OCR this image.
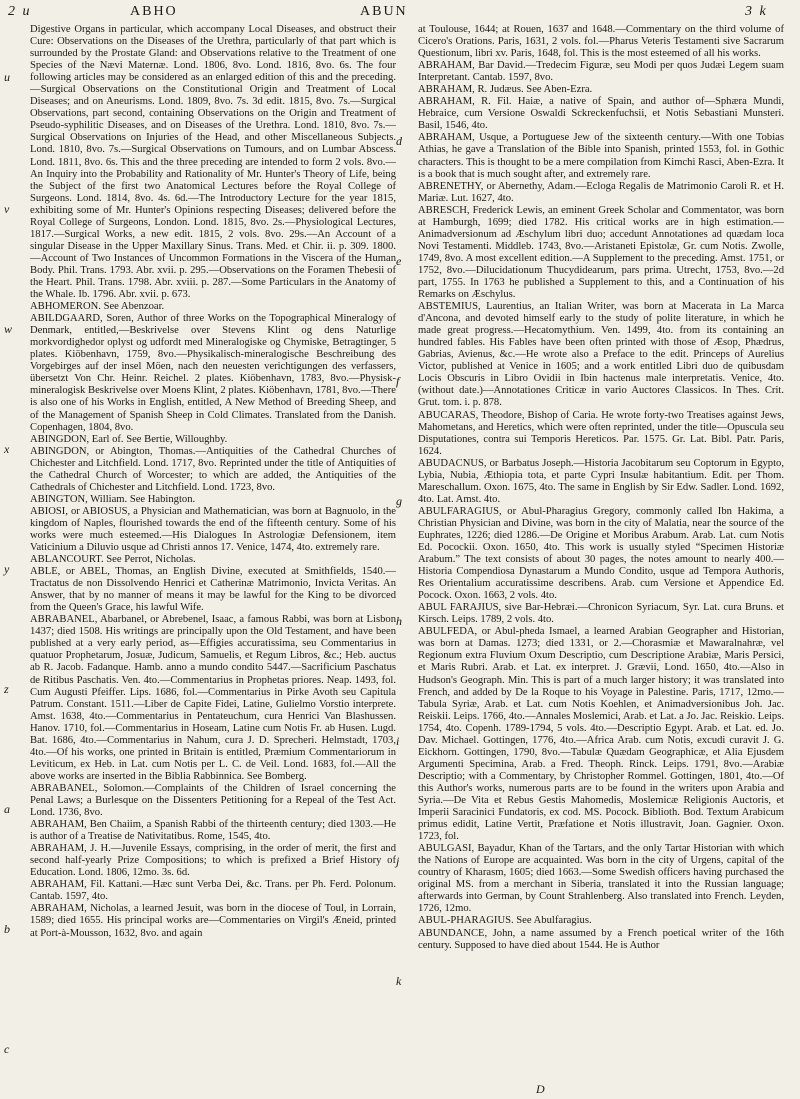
2 u	ABHO	ABUN	3 k
u
v
w
x
y
z
a
b
c
d
e
f
g
h
i
j
k

Digestive Organs in particular, which accompany Local Diseases, and obstruct their Cure: Observations on the Diseases of the Urethra, particularly of that part which is surrounded by the Prostate Gland: and Observations relative to the Treatment of one Species of the Nævi Maternæ. Lond. 1806, 8vo. Lond. 1816, 8vo. 6s. The four following articles may be considered as an enlarged edition of this and the preceding.—Surgical Observations on the Constitutional Origin and Treatment of Local Diseases; and on Aneurisms. Lond. 1809, 8vo. 7s. 3d edit. 1815, 8vo. 7s.—Surgical Observations, part second, containing Observations on the Origin and Treatment of Pseudo-syphilitic Diseases, and on Diseases of the Urethra. Lond. 1810, 8vo. 7s.—Surgical Observations on Injuries of the Head, and other Miscellaneous Subjects. Lond. 1810, 8vo. 7s.—Surgical Observations on Tumours, and on Lumbar Abscess. Lond. 1811, 8vo. 6s. This and the three preceding are intended to form 2 vols. 8vo.—An Inquiry into the Probability and Rationality of Mr. Hunter's Theory of Life, being the Subject of the first two Anatomical Lectures before the Royal College of Surgeons. Lond. 1814, 8vo. 4s. 6d.—The Introductory Lecture for the year 1815, exhibiting some of Mr. Hunter's Opinions respecting Diseases; delivered before the Royal College of Surgeons, London. Lond. 1815, 8vo. 2s.—Physiological Lectures, 1817.—Surgical Works, a new edit. 1815, 2 vols. 8vo. 29s.—An Account of a singular Disease in the Upper Maxillary Sinus. Trans. Med. et Chir. ii. p. 309. 1800.—Account of Two Instances of Uncommon Formations in the Viscera of the Human Body. Phil. Trans. 1793. Abr. xvii. p. 295.—Observations on the Foramen Thebesii of the Heart. Phil. Trans. 1798. Abr. xviii. p. 287.—Some Particulars in the Anatomy of the Whale. Ib. 1796. Abr. xvii. p. 673.

ABHOMERON. See Abenzoar.

ABILDGAARD, Soren, Author of three Works on the Topographical Mineralogy of Denmark, entitled,—Beskrivelse over Stevens Klint og dens Naturlige morkvordighedor oplyst og udfordt med Mineralogiske og Chymiske, Betragtinger, 5 plates. Kiöbenhavn, 1759, 8vo.—Physikalisch-mineralogische Beschreibung des Vorgebirges auf der insel Möen, nach den neuesten verichtigungen des verfassers, übersetzt Von Chr. Heinr. Reichel. 2 plates. Kiöbenhavn, 1783, 8vo.—Physisk-mineralogisk Beskrivelse over Moens Klint, 2 plates. Kiöbenhavn, 1781, 8vo.—There is also one of his Works in English, entitled, A New Method of Breeding Sheep, and of the Management of Spanish Sheep in Cold Climates. Translated from the Danish. Copenhagen, 1804, 8vo.

ABINGDON, Earl of. See Bertie, Willoughby.

ABINGDON, or Abington, Thomas.—Antiquities of the Cathedral Churches of Chichester and Litchfield. Lond. 1717, 8vo. Reprinted under the title of Antiquities of the Cathedral Church of Worcester; to which are added, the Antiquities of the Cathedrals of Chichester and Litchfield. Lond. 1723, 8vo.

ABINGTON, William. See Habington.

ABIOSI, or ABIOSUS, a Physician and Mathematician, was born at Bagnuolo, in the kingdom of Naples, flourished towards the end of the fifteenth century. Some of his works were much esteemed.—His Dialogues In Astrologiæ Defensionem, item Vaticinium a Diluvio usque ad Christi annos 17. Venice, 1474, 4to. extremely rare.

ABLANCOURT. See Perrot, Nicholas.

ABLE, or ABEL, Thomas, an English Divine, executed at Smithfields, 1540.—Tractatus de non Dissolvendo Henrici et Catherinæ Matrimonio, Invicta Veritas. An Answer, that by no manner of means it may be lawful for the King to be divorced from the Queen's Grace, his lawful Wife.

ABRABANEL, Abarbanel, or Abrebenel, Isaac, a famous Rabbi, was born at Lisbon 1437; died 1508. His writings are principally upon the Old Testament, and have been published at a very early period, as—Effigies accuratissima, seu Commentarius in quatuor Prophetarum, Josuæ, Judicum, Samuelis, et Regum Libros, &c.; Heb. auctus ab R. Jacob. Fadanque. Hamb. anno a mundo condito 5447.—Sacrificium Paschatus de Ritibus Paschatis. Ven. 4to.—Commentarius in Prophetas priores. Neap. 1493, fol. Cum Augusti Pfeiffer. Lips. 1686, fol.—Commentarius in Pirke Avoth seu Capitula Patrum. Constant. 1511.—Liber de Capite Fidei, Latine, Gulielmo Vorstio interprete. Amst. 1638, 4to.—Commentarius in Pentateuchum, cura Henrici Van Blashussen. Hanov. 1710, fol.—Commentarius in Hoseam, Latine cum Notis Fr. ab Husen. Lugd. Bat. 1686, 4to.—Commentarius in Nahum, cura J. D. Sprecheri. Helmstadt, 1703, 4to.—Of his works, one printed in Britain is entitled, Præmium Commentariorum in Leviticum, ex Heb. in Lat. cum Notis per L. C. de Veil. Lond. 1683, fol.—All the above works are inserted in the Biblia Rabbinnica. See Bomberg.

ABRABANEL, Solomon.—Complaints of the Children of Israel concerning the Penal Laws; a Burlesque on the Dissenters Petitioning for a Repeal of the Test Act. Lond. 1736, 8vo.

ABRAHAM, Ben Chaiim, a Spanish Rabbi of the thirteenth century; died 1303.—He is author of a Treatise de Nativitatibus. Rome, 1545, 4to.

ABRAHAM, J. H.—Juvenile Essays, comprising, in the order of merit, the first and second half-yearly Prize Compositions; to which is prefixed a Brief History of Education. Lond. 1806, 12mo. 3s. 6d.

ABRAHAM, Fil. Kattani.—Hæc sunt Verba Dei, &c. Trans. per Ph. Ferd. Polonum. Cantab. 1597, 4to.

ABRAHAM, Nicholas, a learned Jesuit, was born in the diocese of Toul, in Lorrain, 1589; died 1655. His principal works are—Commentaries on Virgil's Æneid, printed at Port-à-Mousson, 1632, 8vo. and again

at Toulouse, 1644; at Rouen, 1637 and 1648.—Commentary on the third volume of Cicero's Orations. Paris, 1631, 2 vols. fol.—Pharus Veteris Testamenti sive Sacrarum Questionum, libri xv. Paris, 1648, fol. This is the most esteemed of all his works.

ABRAHAM, Bar David.—Tredecim Figuræ, seu Modi per quos Judæi Legem suam Interpretant. Cantab. 1597, 8vo.

ABRAHAM, R. Judæus. See Aben-Ezra.

ABRAHAM, R. Fil. Haiæ, a native of Spain, and author of—Sphæra Mundi, Hebraice, cum Versione Oswaldi Sckreckenfuchsii, et Notis Sebastiani Munsteri. Basil, 1546, 4to.

ABRAHAM, Usque, a Portuguese Jew of the sixteenth century.—With one Tobias Athias, he gave a Translation of the Bible into Spanish, printed 1553, fol. in Gothic characters. This is thought to be a mere compilation from Kimchi Rasci, Aben-Ezra. It is a book that is much sought after, and extremely rare.

ABRENETHY, or Abernethy, Adam.—Ecloga Regalis de Matrimonio Caroli R. et H. Mariæ. Lut. 1627, 4to.

ABRESCH, Frederick Lewis, an eminent Greek Scholar and Commentator, was born at Hamburgh, 1699; died 1782. His critical works are in high estimation.—Animadversionum ad Æschylum libri duo; accedunt Annotationes ad quædam loca Novi Testamenti. Middleb. 1743, 8vo.—Aristaneti Epistolæ, Gr. cum Notis. Zwolle, 1749, 8vo. A most excellent edition.—A Supplement to the preceding. Amst. 1751, or 1752, 8vo.—Dilucidationum Thucydidearum, pars prima. Utrecht, 1753, 8vo.—2d part, 1755. In 1763 he published a Supplement to this, and a Continuation of his Remarks on Æschylus.

ABSTEMIUS, Laurentius, an Italian Writer, was born at Macerata in La Marca d'Ancona, and devoted himself early to the study of polite literature, in which he made great progress.—Hecatomythium. Ven. 1499, 4to. from its containing an hundred fables. His Fables have been often printed with those of Æsop, Phædrus, Gabrias, Avienus, &c.—He wrote also a Preface to the edit. Princeps of Aurelius Victor, published at Venice in 1605; and a work entitled Libri duo de quibusdam Locis Obscuris in Libro Ovidii in Ibin hactenus male interpretatis. Venice, 4to. (without date.)—Annotationes Criticæ in vario Auctores Classicos. In Thes. Crit. Grut. tom. i. p. 878.

ABUCARAS, Theodore, Bishop of Caria. He wrote forty-two Treatises against Jews, Mahometans, and Heretics, which were often reprinted, under the title—Opuscula seu Disputationes, contra sui Temporis Hereticos. Par. 1575. Gr. Lat. Bibl. Patr. Paris, 1624.

ABUDACNUS, or Barbatus Joseph.—Historia Jacobitarum seu Coptorum in Egypto, Lybia, Nubia, Æthiopia tota, et parte Cypri Insulæ habitantium. Edit. per Thom. Mareschallum. Oxon. 1675, 4to. The same in English by Sir Edw. Sadler. Lond. 1692, 4to. Lat. Amst. 4to.

ABULFARAGIUS, or Abul-Pharagius Gregory, commonly called Ibn Hakima, a Christian Physician and Divine, was born in the city of Malatia, near the source of the Euphrates, 1226; died 1286.—De Origine et Moribus Arabum. Arab. Lat. cum Notis Ed. Pocockii. Oxon. 1650, 4to. This work is usually styled “Specimen Historiæ Arabum.” The text consists of about 30 pages, the notes amount to nearly 400.—Historia Compendiosa Dynastarum a Mundo Condito, usque ad Tempora Authoris, Res Orientalium accuratissime describens. Arab. cum Versione et Appendice Ed. Pocock. Oxon. 1663, 2 vols. 4to.

ABUL FARAJIUS, sive Bar-Hebræi.—Chronicon Syriacum, Syr. Lat. cura Bruns. et Kirsch. Leips. 1789, 2 vols. 4to.

ABULFEDA, or Abul-pheda Ismael, a learned Arabian Geographer and Historian, was born at Damas. 1273; died 1331, or 2.—Chorasmiæ et Mawaralnahræ, vel Regionum extra Fluvium Oxum Descriptio, cum Descriptione Arabiæ, Maris Persici, et Maris Rubri. Arab. et Lat. ex interpret. J. Grævii, Lond. 1650, 4to.—Also in Hudson's Geograph. Min. This is part of a much larger history; it was translated into French, and added by De la Roque to his Voyage in Palestine. Paris, 1717, 12mo.—Tabula Syriæ, Arab. et Lat. cum Notis Koehlen, et Animadversionibus Joh. Jac. Reiskii. Leips. 1766, 4to.—Annales Moslemici, Arab. et Lat. a Jo. Jac. Reiskio. Leips. 1754, 4to. Copenh. 1789-1794, 5 vols. 4to.—Descriptio Egypt. Arab. et Lat. ed. Jo. Dav. Michael. Gottingen, 1776, 4to.—Africa Arab. cum Notis, excudi curavit J. G. Eickhorn. Gottingen, 1790, 8vo.—Tabulæ Quædam Geographicæ, et Alia Ejusdem Argumenti Specimina, Arab. a Fred. Theoph. Rinck. Leips. 1791, 8vo.—Arabiæ Descriptio; with a Commentary, by Christopher Rommel. Gottingen, 1801, 4to.—Of this Author's works, numerous parts are to be found in the writers upon Arabia and Syria.—De Vita et Rebus Gestis Mahomedis, Moslemicæ Religionis Auctoris, et Imperii Saracinici Fundatoris, ex cod. MS. Pocock. Biblioth. Bod. Textum Arabicum primus edidit, Latine Vertit, Præfatione et Notis illustravit, Joan. Gagnier. Oxon. 1723, fol.

ABULGASI, Bayadur, Khan of the Tartars, and the only Tartar Historian with which the Nations of Europe are acquainted. Was born in the city of Urgens, capital of the country of Kharasm, 1605; died 1663.—Some Swedish officers having purchased the original MS. from a merchant in Siberia, translated it into the Russian language; afterwards into German, by Count Strahlenberg. Also translated into French. Leyden, 1726, 12mo.

ABUL-PHARAGIUS. See Abulfaragius.

ABUNDANCE, John, a name assumed by a French poetical writer of the 16th century. Supposed to have died about 1544. He is Author

D
